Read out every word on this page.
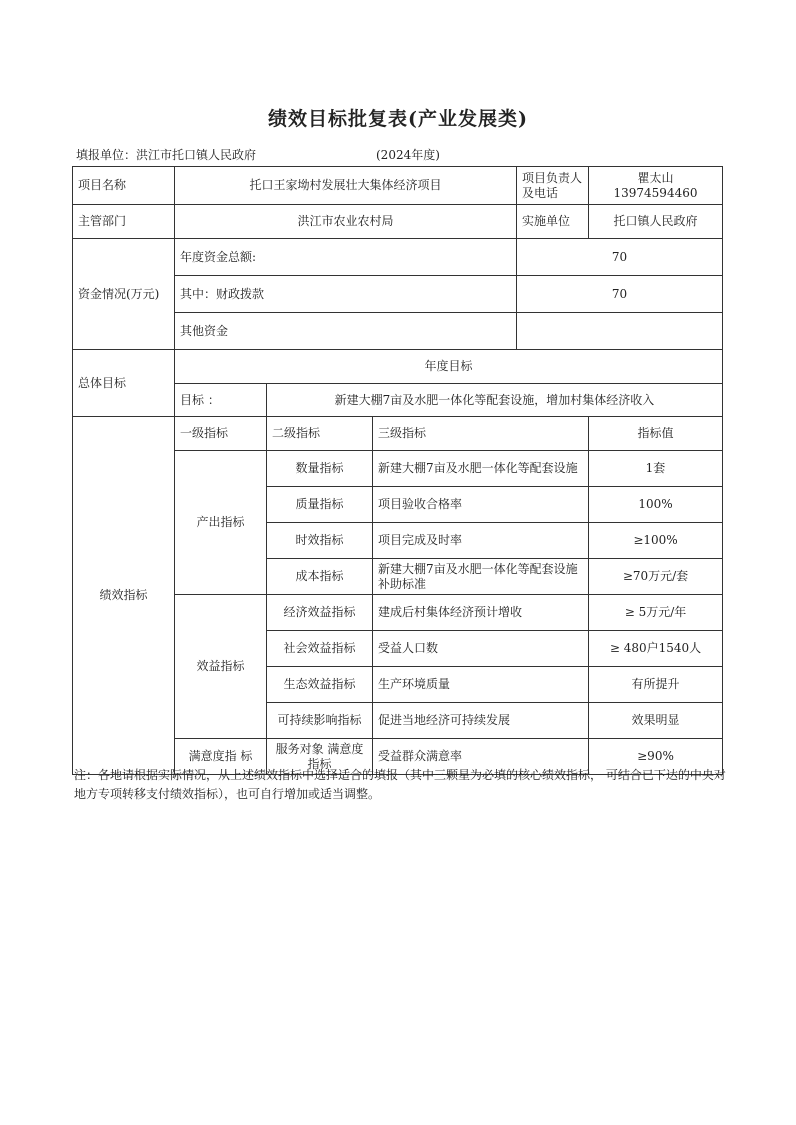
绩效目标批复表(产业发展类)
填报单位：洪江市托口镇人民政府	(2024年度)
项目名称	托口王家坳村发展壮大集体经济项目			项目负责人及电话	瞿太山 13974594460
主管部门	洪江市农业农村局			实施单位	托口镇人民政府
资金情况(万元)	年度资金总额:			70	
	其中：财政拨款			70	
	其他资金				
总体目标	年度目标				
	目标 ：	新建大棚7亩及水肥一体化等配套设施，增加村集体经济收入			
绩效指标	一级指标	二级指标	三级指标		指标值
	产出指标	数量指标	新建大棚7亩及水肥一体化等配套设施		1套
		质量指标	项目验收合格率		100%
		时效指标	项目完成及时率		≥100%
		成本指标	新建大棚7亩及水肥一体化等配套设施补助标准		≥70万元/套
	效益指标	经济效益指标	建成后村集体经济预计增收		≥ 5万元/年
		社会效益指标	受益人口数		≥ 480户1540人
		生态效益指标	生产环境质量		有所提升
		可持续影响指标	促进当地经济可持续发展		效果明显
	满意度指 标	服务对象 满意度指标	受益群众满意率		≥90%
注：各地请根据实际情况，从上述绩效指标中选择适合的填报（其中三颗星为必填的核心绩效指标， 可结合已下达的中央对地方专项转移支付绩效指标），也可自行增加或适当调整。
